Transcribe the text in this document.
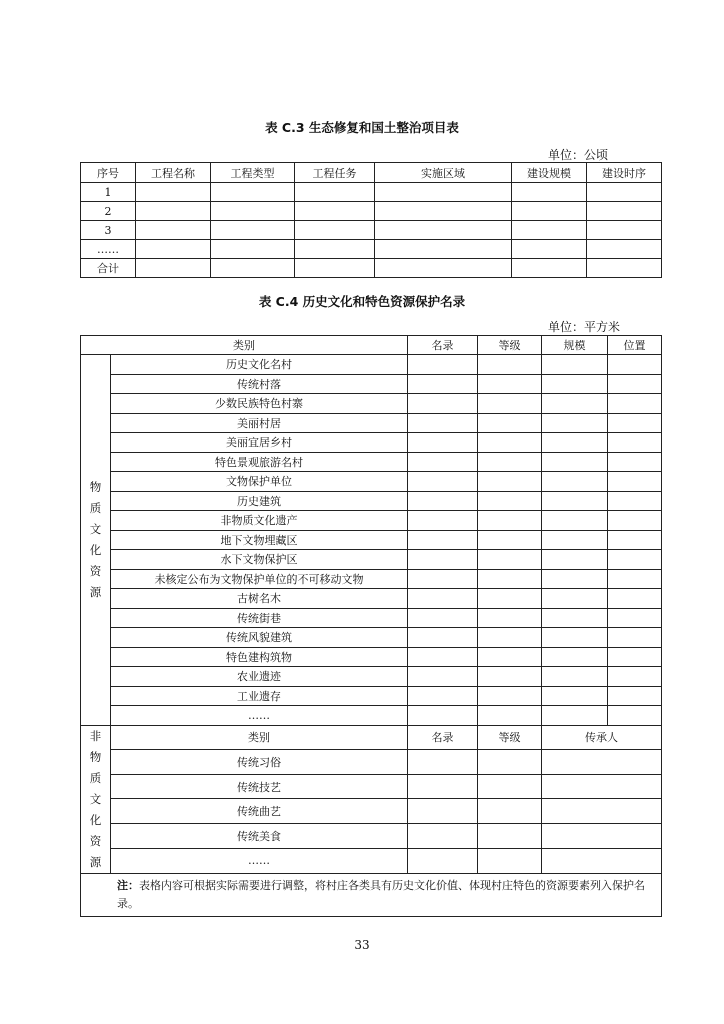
表 C.3 生态修复和国土整治项目表
单位：公顷
序号	工程名称	工程类型	工程任务	实施区域	建设规模	建设时序
1						
2						
3						
……						
合计						
表 C.4 历史文化和特色资源保护名录
单位：平方米
类别		名录	等级	规模	位置
物质文化资源	历史文化名村				
	传统村落				
	少数民族特色村寨				
	美丽村居				
	美丽宜居乡村				
	特色景观旅游名村				
	文物保护单位				
	历史建筑				
	非物质文化遗产				
	地下文物埋藏区				
	水下文物保护区				
	未核定公布为文物保护单位的不可移动文物				
	古树名木				
	传统街巷				
	传统风貌建筑				
	特色建构筑物				
	农业遗迹				
	工业遗存				
	……				
非物质文化资源	类别	名录	等级	传承人	
	传统习俗				
	传统技艺				
	传统曲艺				
	传统美食				
	……				
注：表格内容可根据实际需要进行调整，将村庄各类具有历史文化价值、体现村庄特色的资源要素列入保护名录。					
33
